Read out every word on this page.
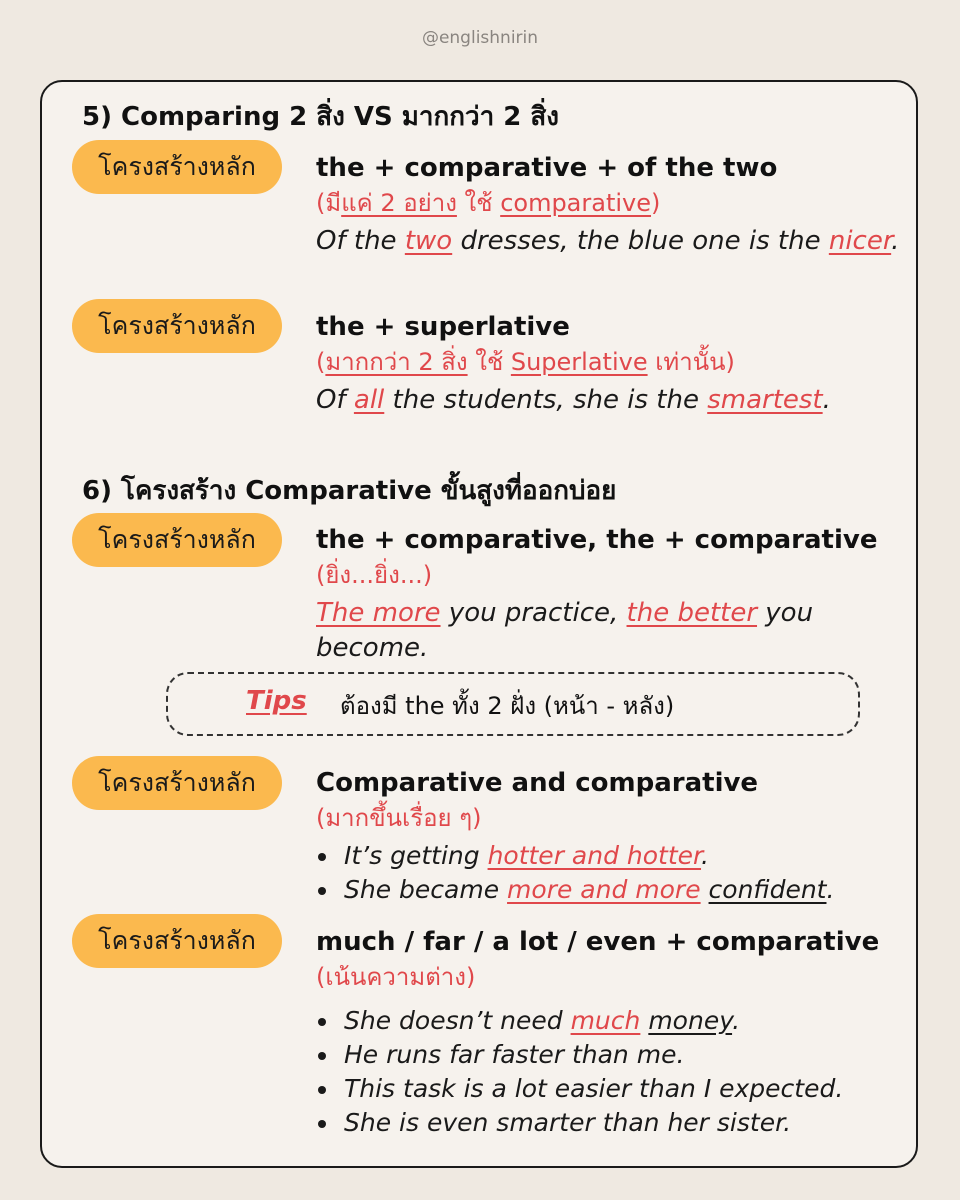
@englishnirin
5) Comparing 2 สิ่ง VS มากกว่า 2 สิ่ง
โครงสร้างหลัก	the + comparative + of the two
(มีแค่ 2 อย่าง ใช้ comparative)
Of the two dresses, the blue one is the nicer.
โครงสร้างหลัก	the + superlative
(มากกว่า 2 สิ่ง ใช้ Superlative เท่านั้น)
Of all the students, she is the smartest.
6) โครงสร้าง Comparative ขั้นสูงที่ออกบ่อย
โครงสร้างหลัก	the + comparative, the + comparative
(ยิ่ง...ยิ่ง...)
The more you practice, the better you become.
Tips ต้องมี the ทั้ง 2 ฝั่ง (หน้า - หลัง)
โครงสร้างหลัก	Comparative and comparative
(มากขึ้นเรื่อย ๆ)
It’s getting hotter and hotter.
She became more and more confident.
โครงสร้างหลัก	much / far / a lot / even + comparative
(เน้นความต่าง)
She doesn’t need much money.
He runs far faster than me.
This task is a lot easier than I expected.
She is even smarter than her sister.
